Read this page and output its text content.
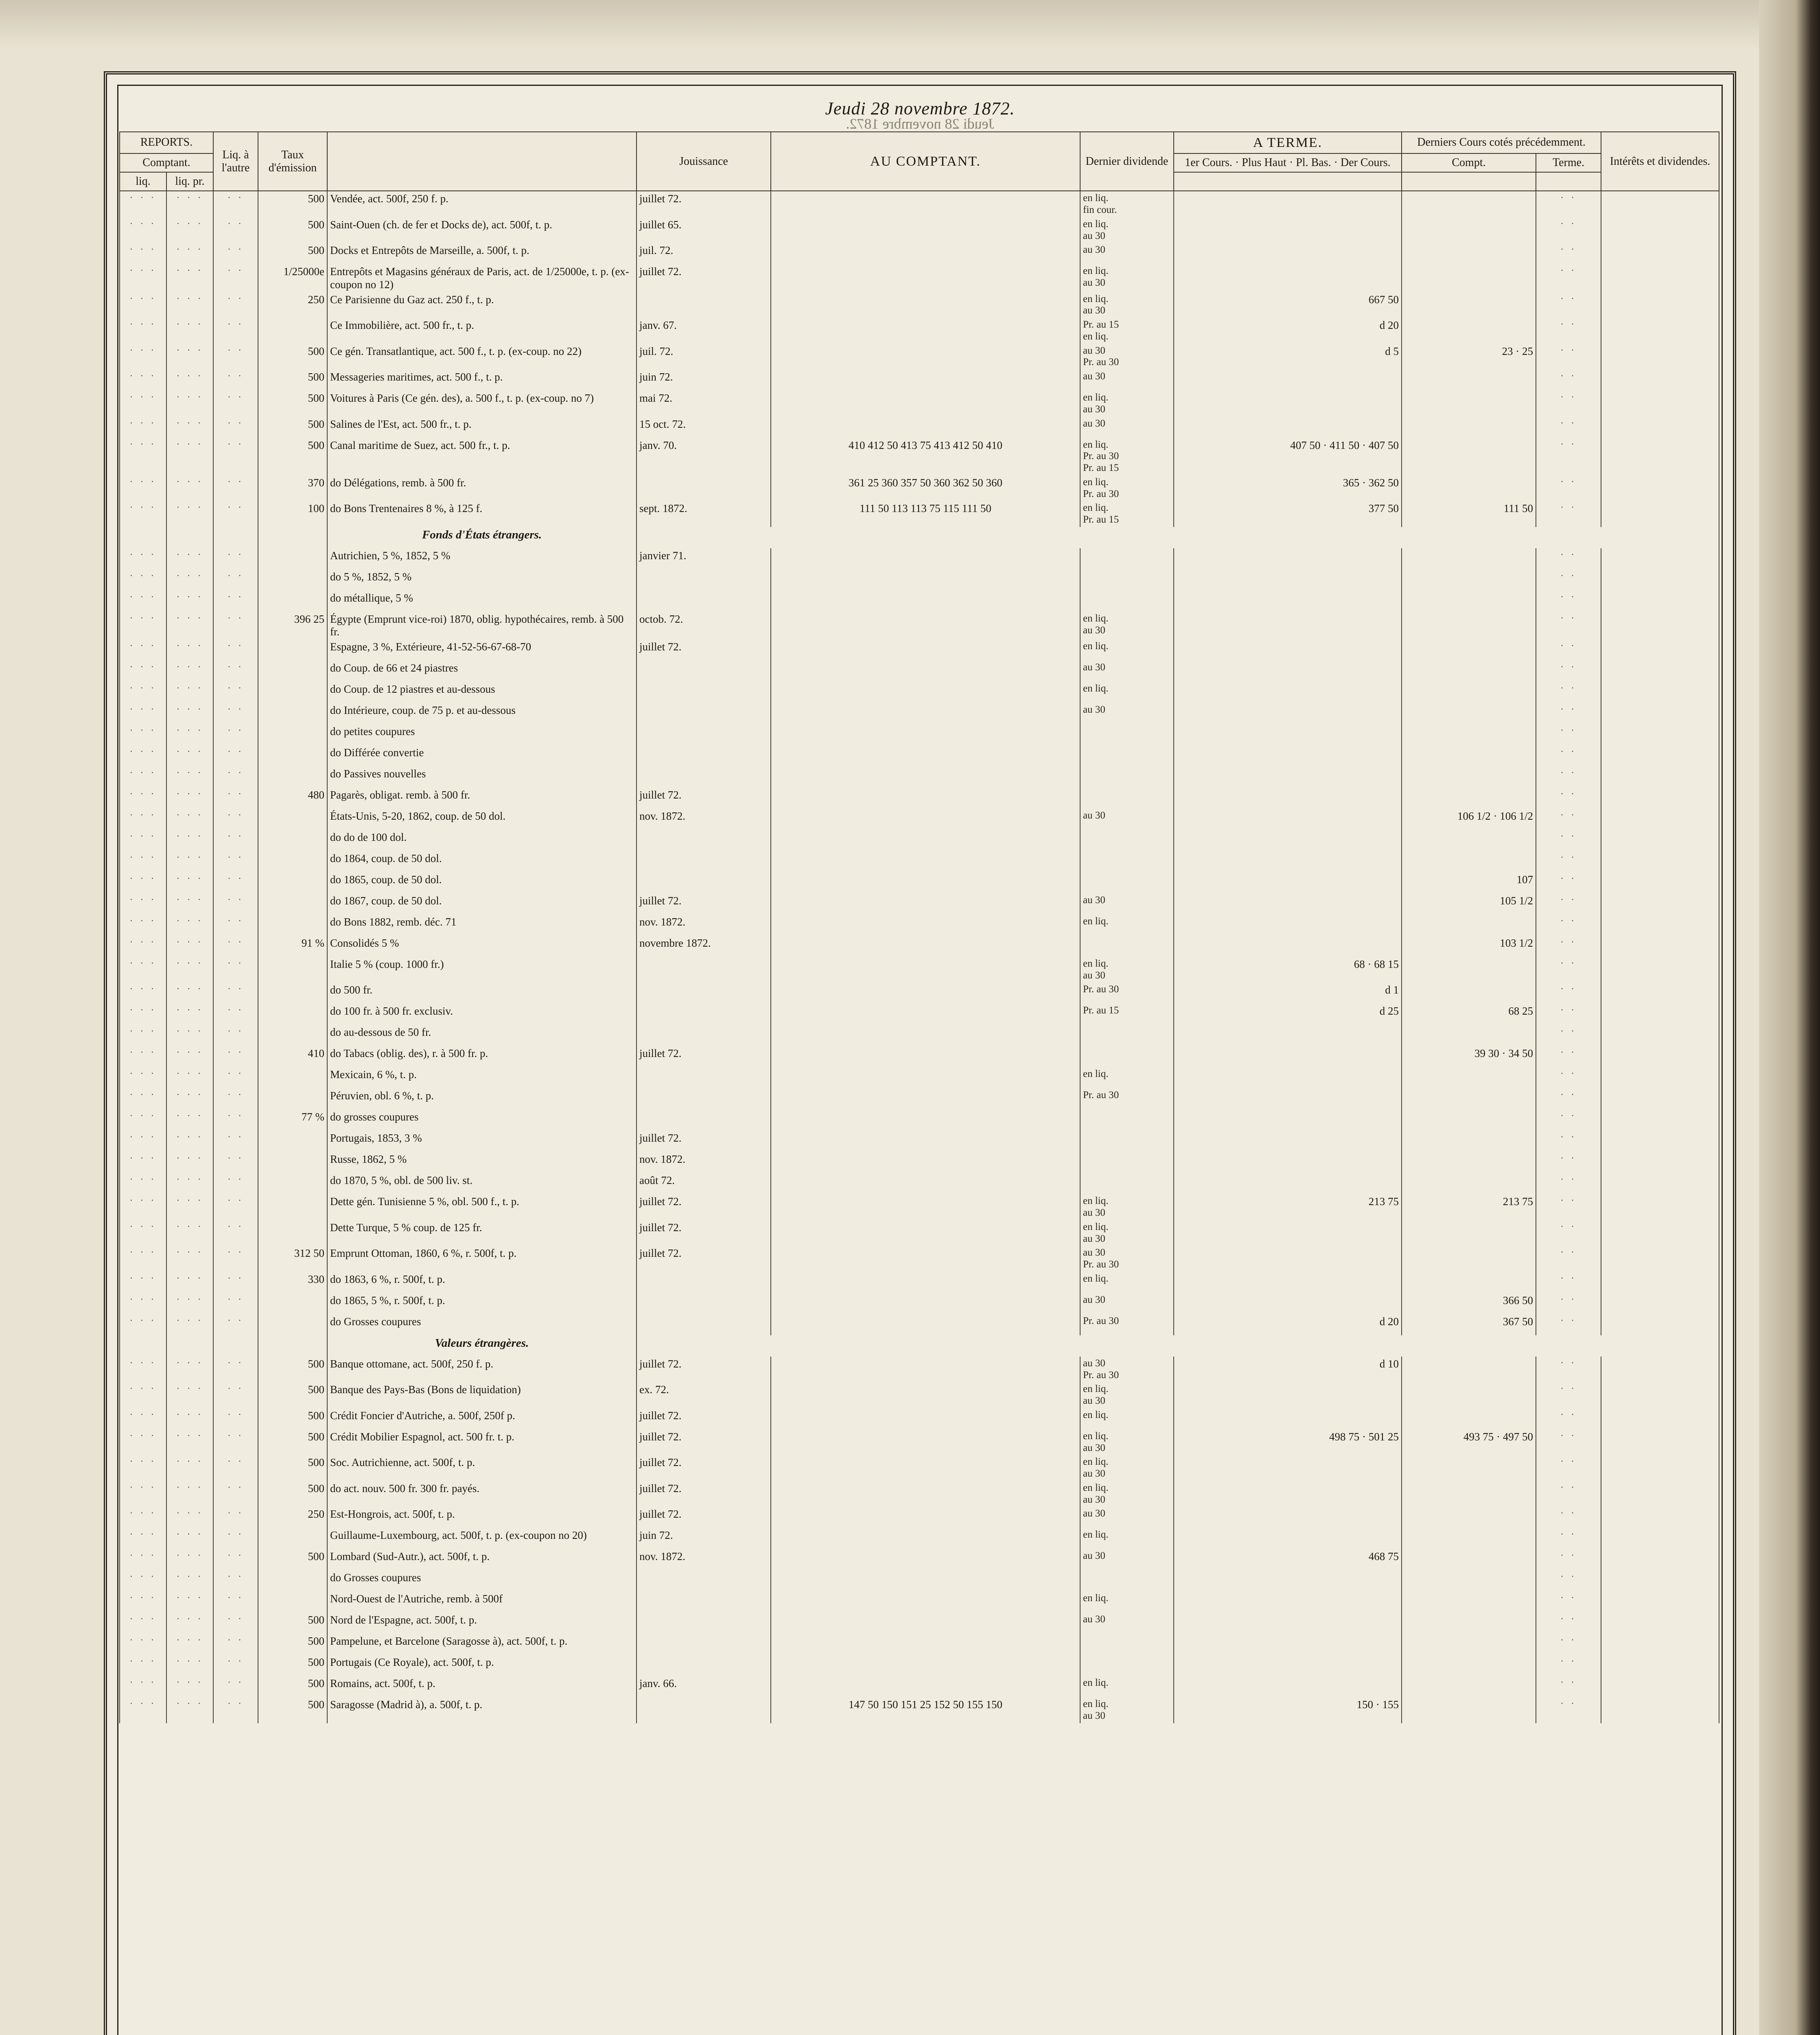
Jeudi 28 novembre 1872.
Jeudi 28 novembre 1872.
REPORTS.		Liq. à l'autre	Taux d'émission		Jouissance	AU COMPTANT.	Dernier dividende	A TERME.	Derniers Cours cotés précédemment.		Intérêts et dividendes.
Comptant.								1er Cours. · Plus Haut · Pl. Bas. · Der Cours.	Compt.	Terme.	
liq.	liq. pr.										
· · ·	· · ·	· ·	500	Vendée, act. 500f, 250 f. p.	juillet 72.		en liq.
fin cour.			· ·	
· · ·	· · ·	· ·	500	Saint-Ouen (ch. de fer et Docks de), act. 500f, t. p.	juillet 65.		en liq.
au 30			· ·	
· · ·	· · ·	· ·	500	Docks et Entrepôts de Marseille, a. 500f, t. p.	juil. 72.		au 30			· ·	
· · ·	· · ·	· ·	1/25000e	Entrepôts et Magasins généraux de Paris, act. de 1/25000e, t. p. (ex-coupon no 12)	juillet 72.		en liq.
au 30			· ·	
· · ·	· · ·	· ·	250	Ce Parisienne du Gaz act. 250 f., t. p.			en liq.
au 30	667 50		· ·	
· · ·	· · ·	· ·		Ce Immobilière, act. 500 fr., t. p.	janv. 67.		Pr. au 15
en liq.	d 20		· ·	
· · ·	· · ·	· ·	500	Ce gén. Transatlantique, act. 500 f., t. p. (ex-coup. no 22)	juil. 72.		au 30
Pr. au 30	d 5	23 · 25	· ·	
· · ·	· · ·	· ·	500	Messageries maritimes, act. 500 f., t. p.	juin 72.		au 30			· ·	
· · ·	· · ·	· ·	500	Voitures à Paris (Ce gén. des), a. 500 f., t. p. (ex-coup. no 7)	mai 72.		en liq.
au 30			· ·	
· · ·	· · ·	· ·	500	Salines de l'Est, act. 500 fr., t. p.	15 oct. 72.		au 30			· ·	
· · ·	· · ·	· ·	500	Canal maritime de Suez, act. 500 fr., t. p.	janv. 70.	410 412 50 413 75 413 412 50 410	en liq.
Pr. au 30
Pr. au 15	407 50 · 411 50 · 407 50		· ·	
· · ·	· · ·	· ·	370	do Délégations, remb. à 500 fr.		361 25 360 357 50 360 362 50 360	en liq.
Pr. au 30	365 · 362 50		· ·	
· · ·	· · ·	· ·	100	do Bons Trentenaires 8 %, à 125 f.	sept. 1872.	111 50 113 113 75 115 111 50	en liq.
Pr. au 15	377 50	111 50	· ·	
				Fonds d'États étrangers.							
· · ·	· · ·	· ·		Autrichien, 5 %, 1852, 5 %	janvier 71.					· ·	
· · ·	· · ·	· ·		do 5 %, 1852, 5 %						· ·	
· · ·	· · ·	· ·		do métallique, 5 %						· ·	
· · ·	· · ·	· ·	396 25	Égypte (Emprunt vice-roi) 1870, oblig. hypothécaires, remb. à 500 fr.	octob. 72.		en liq.
au 30			· ·	
· · ·	· · ·	· ·		Espagne, 3 %, Extérieure, 41-52-56-67-68-70	juillet 72.		en liq.			· ·	
· · ·	· · ·	· ·		do Coup. de 66 et 24 piastres			au 30			· ·	
· · ·	· · ·	· ·		do Coup. de 12 piastres et au-dessous			en liq.			· ·	
· · ·	· · ·	· ·		do Intérieure, coup. de 75 p. et au-dessous			au 30			· ·	
· · ·	· · ·	· ·		do petites coupures						· ·	
· · ·	· · ·	· ·		do Différée convertie						· ·	
· · ·	· · ·	· ·		do Passives nouvelles						· ·	
· · ·	· · ·	· ·	480	Pagarès, obligat. remb. à 500 fr.	juillet 72.					· ·	
· · ·	· · ·	· ·		États-Unis, 5-20, 1862, coup. de 50 dol.	nov. 1872.		au 30		106 1/2 · 106 1/2	· ·	
· · ·	· · ·	· ·		do do de 100 dol.						· ·	
· · ·	· · ·	· ·		do 1864, coup. de 50 dol.						· ·	
· · ·	· · ·	· ·		do 1865, coup. de 50 dol.					107	· ·	
· · ·	· · ·	· ·		do 1867, coup. de 50 dol.	juillet 72.		au 30		105 1/2	· ·	
· · ·	· · ·	· ·		do Bons 1882, remb. déc. 71	nov. 1872.		en liq.			· ·	
· · ·	· · ·	· ·	91 %	Consolidés 5 %	novembre 1872.				103 1/2	· ·	
· · ·	· · ·	· ·		Italie 5 % (coup. 1000 fr.)			en liq.
au 30	68 · 68 15		· ·	
· · ·	· · ·	· ·		do 500 fr.			Pr. au 30	d 1		· ·	
· · ·	· · ·	· ·		do 100 fr. à 500 fr. exclusiv.			Pr. au 15	d 25	68 25	· ·	
· · ·	· · ·	· ·		do au-dessous de 50 fr.						· ·	
· · ·	· · ·	· ·	410	do Tabacs (oblig. des), r. à 500 fr. p.	juillet 72.				39 30 · 34 50	· ·	
· · ·	· · ·	· ·		Mexicain, 6 %, t. p.			en liq.			· ·	
· · ·	· · ·	· ·		Péruvien, obl. 6 %, t. p.			Pr. au 30			· ·	
· · ·	· · ·	· ·	77 %	do grosses coupures						· ·	
· · ·	· · ·	· ·		Portugais, 1853, 3 %	juillet 72.					· ·	
· · ·	· · ·	· ·		Russe, 1862, 5 %	nov. 1872.					· ·	
· · ·	· · ·	· ·		do 1870, 5 %, obl. de 500 liv. st.	août 72.					· ·	
· · ·	· · ·	· ·		Dette gén. Tunisienne 5 %, obl. 500 f., t. p.	juillet 72.		en liq.
au 30	213 75	213 75	· ·	
· · ·	· · ·	· ·		Dette Turque, 5 % coup. de 125 fr.	juillet 72.		en liq.
au 30			· ·	
· · ·	· · ·	· ·	312 50	Emprunt Ottoman, 1860, 6 %, r. 500f, t. p.	juillet 72.		au 30
Pr. au 30			· ·	
· · ·	· · ·	· ·	330	do 1863, 6 %, r. 500f, t. p.			en liq.			· ·	
· · ·	· · ·	· ·		do 1865, 5 %, r. 500f, t. p.			au 30		366 50	· ·	
· · ·	· · ·	· ·		do Grosses coupures			Pr. au 30	d 20	367 50	· ·	
				Valeurs étrangères.							
· · ·	· · ·	· ·	500	Banque ottomane, act. 500f, 250 f. p.	juillet 72.		au 30
Pr. au 30	d 10		· ·	
· · ·	· · ·	· ·	500	Banque des Pays-Bas (Bons de liquidation)	ex. 72.		en liq.
au 30			· ·	
· · ·	· · ·	· ·	500	Crédit Foncier d'Autriche, a. 500f, 250f p.	juillet 72.		en liq.			· ·	
· · ·	· · ·	· ·	500	Crédit Mobilier Espagnol, act. 500 fr. t. p.	juillet 72.		en liq.
au 30	498 75 · 501 25	493 75 · 497 50	· ·	
· · ·	· · ·	· ·	500	Soc. Autrichienne, act. 500f, t. p.	juillet 72.		en liq.
au 30			· ·	
· · ·	· · ·	· ·	500	do act. nouv. 500 fr. 300 fr. payés.	juillet 72.		en liq.
au 30			· ·	
· · ·	· · ·	· ·	250	Est-Hongrois, act. 500f, t. p.	juillet 72.		au 30			· ·	
· · ·	· · ·	· ·		Guillaume-Luxembourg, act. 500f, t. p. (ex-coupon no 20)	juin 72.		en liq.			· ·	
· · ·	· · ·	· ·	500	Lombard (Sud-Autr.), act. 500f, t. p.	nov. 1872.		au 30	468 75		· ·	
· · ·	· · ·	· ·		do Grosses coupures						· ·	
· · ·	· · ·	· ·		Nord-Ouest de l'Autriche, remb. à 500f			en liq.			· ·	
· · ·	· · ·	· ·	500	Nord de l'Espagne, act. 500f, t. p.			au 30			· ·	
· · ·	· · ·	· ·	500	Pampelune, et Barcelone (Saragosse à), act. 500f, t. p.						· ·	
· · ·	· · ·	· ·	500	Portugais (Ce Royale), act. 500f, t. p.						· ·	
· · ·	· · ·	· ·	500	Romains, act. 500f, t. p.	janv. 66.		en liq.			· ·	
· · ·	· · ·	· ·	500	Saragosse (Madrid à), a. 500f, t. p.		147 50 150 151 25 152 50 155 150	en liq.
au 30	150 · 155		· ·	
